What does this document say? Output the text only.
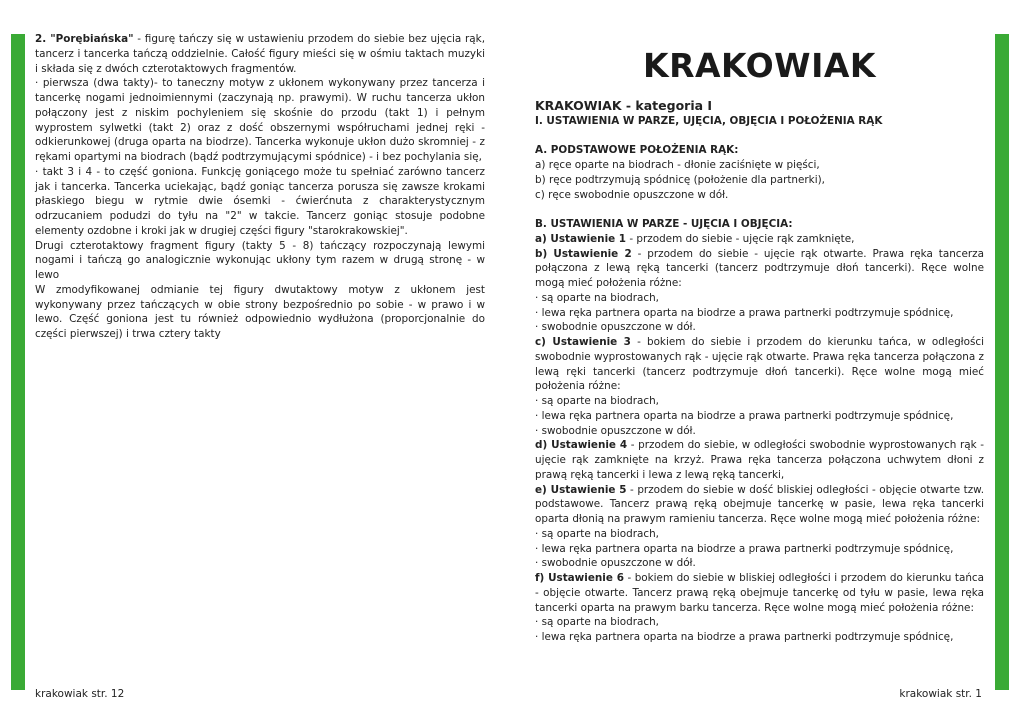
2. "Porębiańska" - figurę tańczy się w ustawieniu przodem do siebie bez ujęcia rąk, tancerz i tancerka tańczą oddzielnie. Całość figury mieści się w ośmiu taktach muzyki i składa się z dwóch czterotaktowych fragmentów.

· pierwsza (dwa takty)- to taneczny motyw z ukłonem wykonywany przez tancerza i tancerkę nogami jednoimiennymi (zaczynają np. prawymi). W ruchu tancerza ukłon połączony jest z niskim pochyleniem się skośnie do przodu (takt 1) i pełnym wyprostem sylwetki (takt 2) oraz z dość obszernymi współruchami jednej ręki - odkierunkowej (druga oparta na biodrze). Tancerka wykonuje ukłon dużo skromniej - z rękami opartymi na biodrach (bądź podtrzymującymi spódnice) - i bez pochylania się,

· takt 3 i 4 - to część goniona. Funkcję goniącego może tu spełniać zarówno tancerz jak i tancerka. Tancerka uciekając, bądź goniąc tancerza porusza się zawsze krokami płaskiego biegu w rytmie dwie ósemki - ćwierćnuta z charakterystycznym odrzucaniem podudzi do tyłu na "2" w takcie. Tancerz goniąc stosuje podobne elementy ozdobne i kroki jak w drugiej części figury "starokrakowskiej".

Drugi czterotaktowy fragment figury (takty 5 - 8) tańczący rozpoczynają lewymi nogami i tańczą go analogicznie wykonując ukłony tym razem w drugą stronę - w lewo

W zmodyfikowanej odmianie tej figury dwutaktowy motyw z ukłonem jest wykonywany przez tańczących w obie strony bezpośrednio po sobie - w prawo i w lewo. Część goniona jest tu również odpowiednio wydłużona (proporcjonalnie do części pierwszej) i trwa cztery takty

krakowiak str. 12
KRAKOWIAK

KRAKOWIAK - kategoria I

I. USTAWIENIA W PARZE, UJĘCIA, OBJĘCIA I POŁOŻENIA RĄK

A. PODSTAWOWE POŁOŻENIA RĄK:

a) ręce oparte na biodrach - dłonie zaciśnięte w pięści,

b) ręce podtrzymują spódnicę (położenie dla partnerki),

c) ręce swobodnie opuszczone w dół.

B. USTAWIENIA W PARZE - UJĘCIA I OBJĘCIA:

a) Ustawienie 1 - przodem do siebie - ujęcie rąk zamknięte,

b) Ustawienie 2 - przodem do siebie - ujęcie rąk otwarte. Prawa ręka tancerza połączona z lewą ręką tancerki (tancerz podtrzymuje dłoń tancerki). Ręce wolne mogą mieć położenia różne:

· są oparte na biodrach,

· lewa ręka partnera oparta na biodrze a prawa partnerki podtrzymuje spódnicę,

· swobodnie opuszczone w dół.

c) Ustawienie 3 - bokiem do siebie i przodem do kierunku tańca, w odległości swobodnie wyprostowanych rąk - ujęcie rąk otwarte. Prawa ręka tancerza połączona z lewą ręki tancerki (tancerz podtrzymuje dłoń tancerki). Ręce wolne mogą mieć położenia różne:

· są oparte na biodrach,

· lewa ręka partnera oparta na biodrze a prawa partnerki podtrzymuje spódnicę,

· swobodnie opuszczone w dół.

d) Ustawienie 4 - przodem do siebie, w odległości swobodnie wyprostowanych rąk - ujęcie rąk zamknięte na krzyż. Prawa ręka tancerza połączona uchwytem dłoni z prawą ręką tancerki i lewa z lewą ręką tancerki,

e) Ustawienie 5 - przodem do siebie w dość bliskiej odległości - objęcie otwarte tzw. podstawowe. Tancerz prawą ręką obejmuje tancerkę w pasie, lewa ręka tancerki oparta dłonią na prawym ramieniu tancerza. Ręce wolne mogą mieć położenia różne:

· są oparte na biodrach,

· lewa ręka partnera oparta na biodrze a prawa partnerki podtrzymuje spódnicę,

· swobodnie opuszczone w dół.

f) Ustawienie 6 - bokiem do siebie w bliskiej odległości i przodem do kierunku tańca - objęcie otwarte. Tancerz prawą ręką obejmuje tancerkę od tyłu w pasie, lewa ręka tancerki oparta na prawym barku tancerza. Ręce wolne mogą mieć położenia różne:

· są oparte na biodrach,

· lewa ręka partnera oparta na biodrze a prawa partnerki podtrzymuje spódnicę,

krakowiak str. 1
